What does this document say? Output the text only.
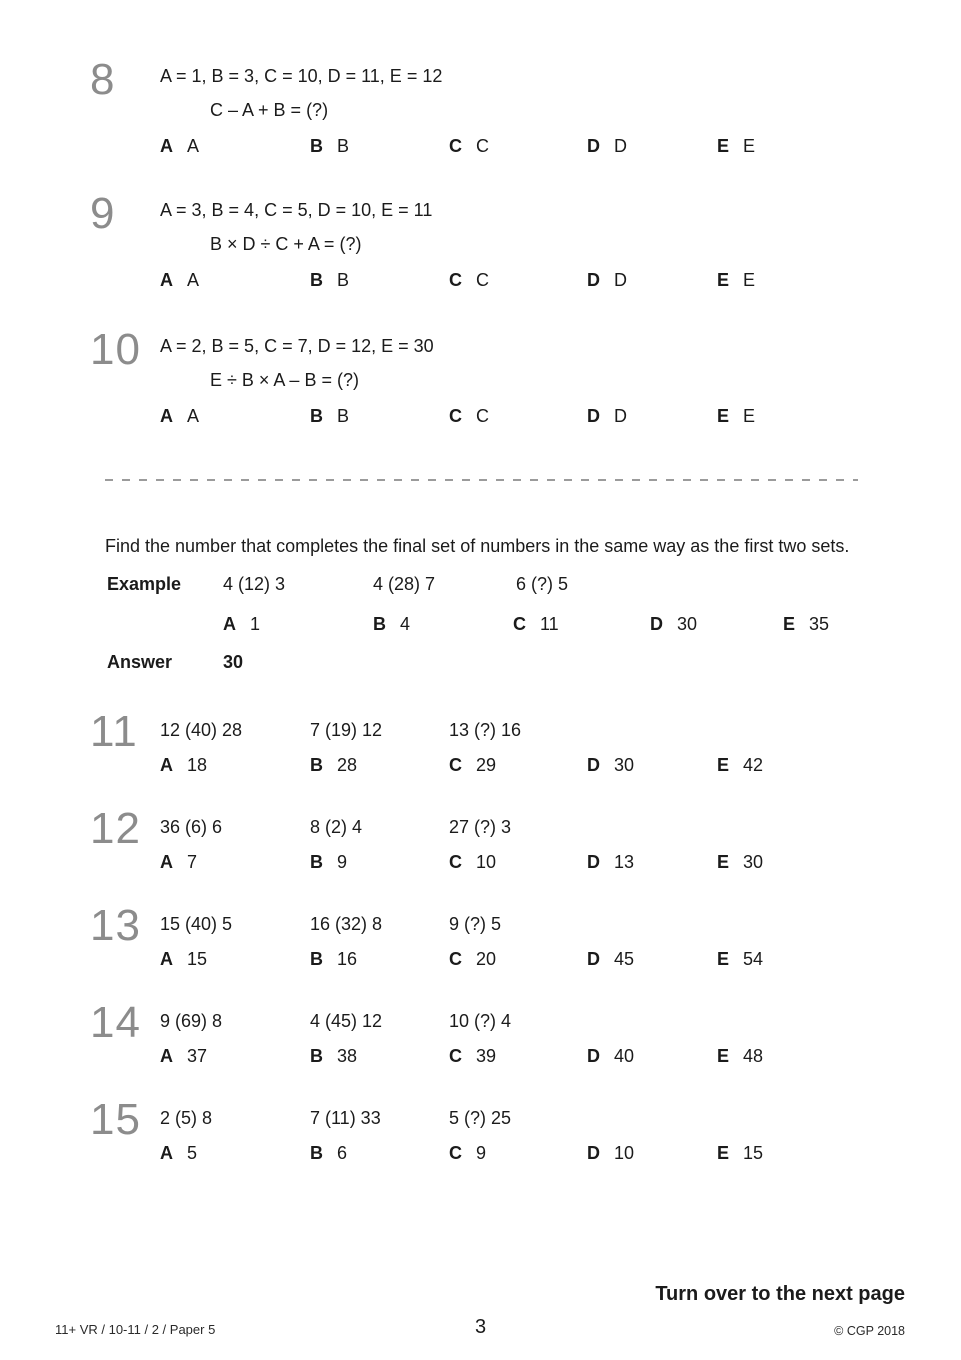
8	A = 1, B = 3, C = 10, D = 11, E = 12
C – A + B = (?)
A A	B B	C C	D D	E E
9	A = 3, B = 4, C = 5, D = 10, E = 11
B × D ÷ C + A = (?)
A A	B B	C C	D D	E E
10	A = 2, B = 5, C = 7, D = 12, E = 30
E ÷ B × A – B = (?)
A A	B B	C C	D D	E E
Find the number that completes the final set of numbers in the same way as the first two sets.
Example 4 (12) 3	4 (28) 7	6 (?) 5
A 1	B 4	C 11	D 30	E 35
Answer	30
11 12 (40) 28	7 (19) 12	13 (?) 16
A 18	B 28	C 29	D 30	E 42
12 36 (6) 6	8 (2) 4	27 (?) 3
A 7	B 9	C 10	D 13	E 30
13 15 (40) 5	16 (32) 8	9 (?) 5
A 15	B 16	C 20	D 45	E 54
14 9 (69) 8	4 (45) 12	10 (?) 4
A 37	B 38	C 39	D 40	E 48
15 2 (5) 8	7 (11) 33	5 (?) 25
A 5	B 6	C 9	D 10	E 15
Turn over to the next page
11+ VR / 10-11 / 2 / Paper 5	3	© CGP 2018
